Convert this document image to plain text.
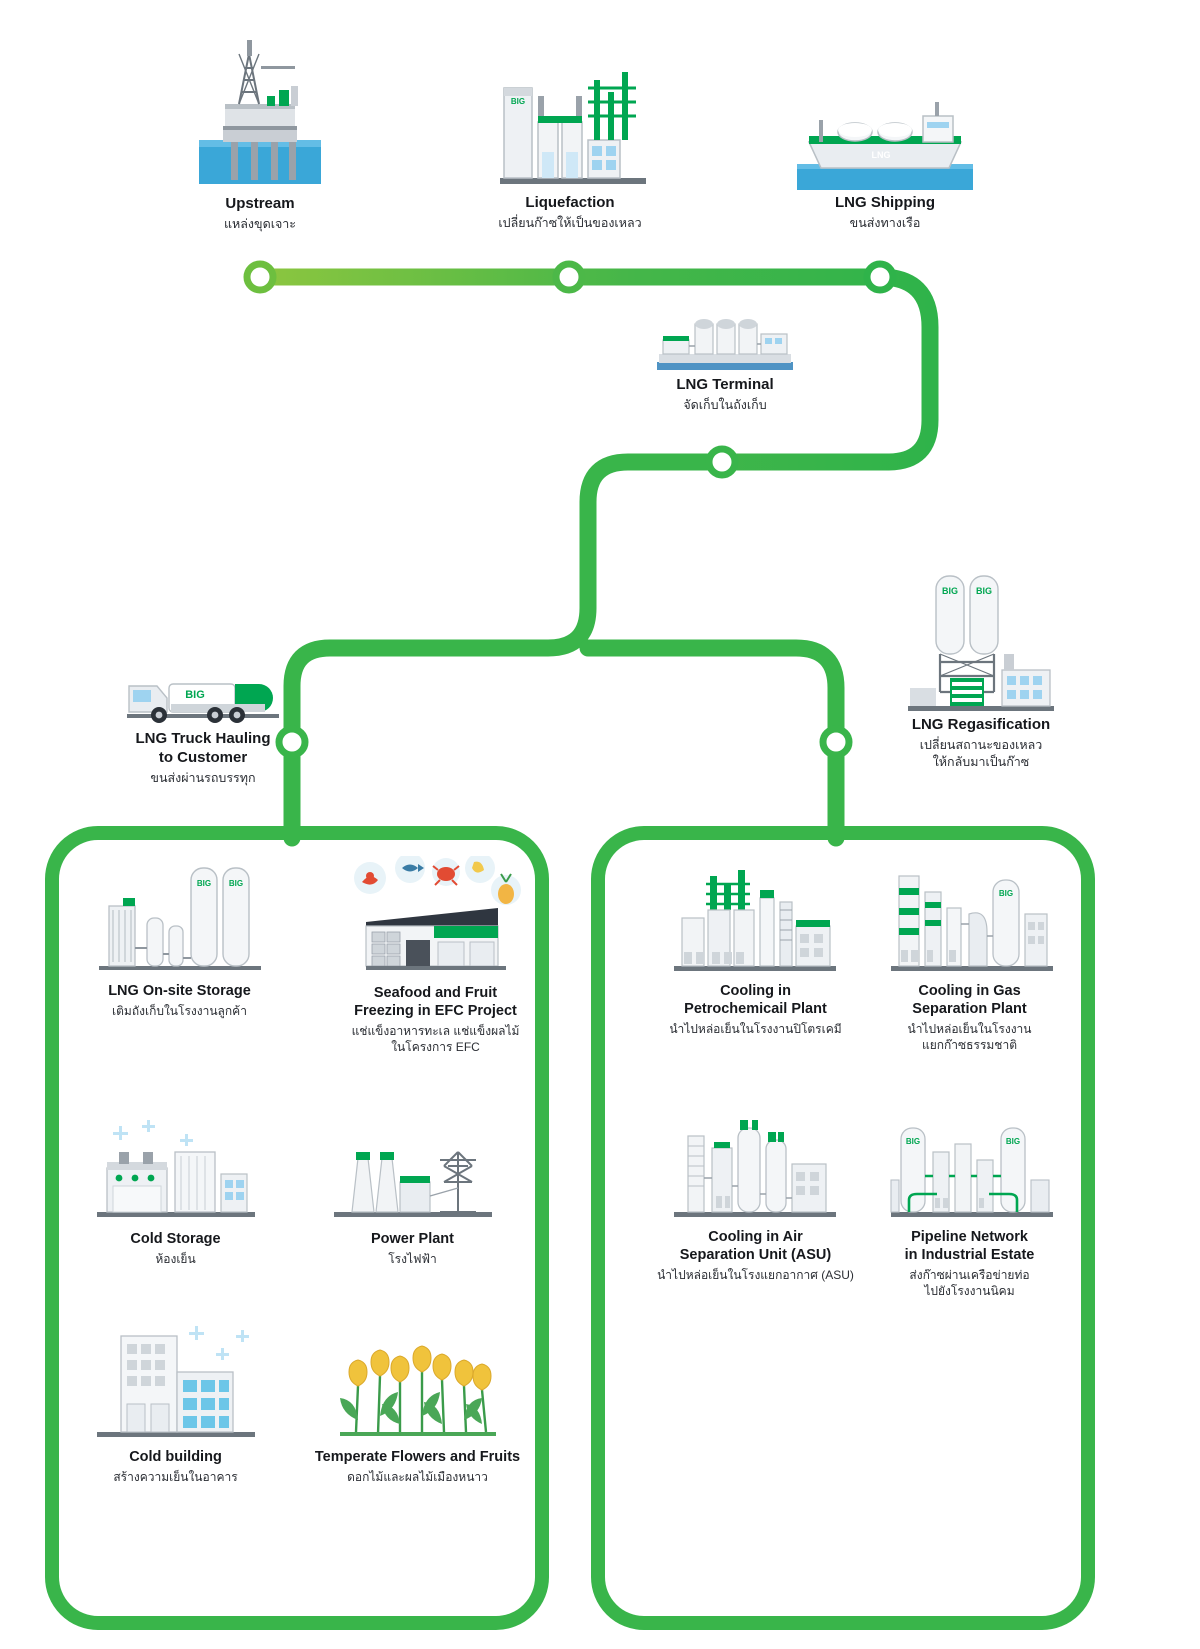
Upstream
แหล่งขุดเจาะ
BIG
Liquefaction
เปลี่ยนก๊าซให้เป็นของเหลว
LNG
LNG Shipping
ขนส่งทางเรือ
LNG Terminal
จัดเก็บในถังเก็บ
BIG
LNG Truck Hauling
to Customer
ขนส่งผ่านรถบรรทุก
BIG BIG
LNG Regasification
เปลี่ยนสถานะของเหลว
ให้กลับมาเป็นก๊าซ
BIG BIG
LNG On-site Storage
เติมถังเก็บในโรงงานลูกค้า
Seafood and Fruit
Freezing in EFC Project
แช่แข็งอาหารทะเล แช่แข็งผลไม้
ในโครงการ EFC
Cold Storage
ห้องเย็น
Power Plant
โรงไฟฟ้า
Cold building
สร้างความเย็นในอาคาร
Temperate Flowers and Fruits
ดอกไม้และผลไม้เมืองหนาว
Cooling in
Petrochemicail Plant
นำไปหล่อเย็นในโรงงานปิโตรเคมี
BIG
Cooling in Gas
Separation Plant
นำไปหล่อเย็นในโรงงาน
แยกก๊าซธรรมชาติ
Cooling in Air
Separation Unit (ASU)
นำไปหล่อเย็นในโรงแยกอากาศ (ASU)
BIG	BIG
Pipeline Network
in Industrial Estate
ส่งก๊าซผ่านเครือข่ายท่อ
ไปยังโรงงานนิคม
